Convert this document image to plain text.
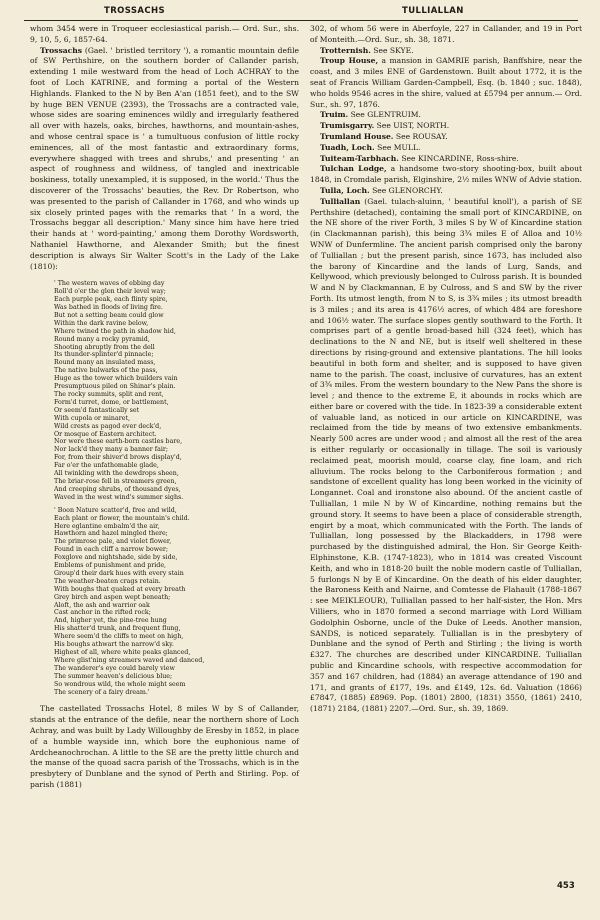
TROSSACHS	TULLIALLAN

whom 3454 were in Troqueer ecclesiastical parish.— Ord. Sur., shs. 9, 10, 5, 6, 1857-64.

Trossachs (Gael. ' bristled territory '), a romantic mountain defile of SW Perthshire, on the southern border of Callander parish, extending 1 mile westward from the head of Loch ACHRAY to the foot of Loch KATRINE, and forming a portal of the Western Highlands. Flanked to the N by Ben A'an (1851 feet), and to the SW by huge BEN VENUE (2393), the Trossachs are a contracted vale, whose sides are soaring eminences wildly and irregularly feathered all over with hazels, oaks, birches, hawthorns, and mountain-ashes, and whose central space is ' a tumultuous confusion of little rocky eminences, all of the most fantastic and extraordinary forms, everywhere shagged with trees and shrubs,' and presenting ' an aspect of roughness and wildness, of tangled and inextricable boskiness, totally unexampled, it is supposed, in the world.' Thus the discoverer of the Trossachs' beauties, the Rev. Dr Robertson, who was presented to the parish of Callander in 1768, and who winds up six closely printed pages with the remarks that ' In a word, the Trossachs beggar all description.' Many since him have here tried their hands at ' word-painting,' among them Dorothy Wordsworth, Nathaniel Hawthorne, and Alexander Smith; but the finest description is always Sir Walter Scott's in the Lady of the Lake (1810):

' The western waves of ebbing day
Roll'd o'er the glen their level way;
Each purple peak, each flinty spire,
Was bathed in floods of living fire.
But not a setting beam could glow
Within the dark ravine below,
Where twined the path in shadow hid,
Round many a rocky pyramid,
Shooting abruptly from the dell
Its thunder-splinter'd pinnacle;
Round many an insulated mass,
The native bulwarks of the pass,
Huge as the tower which builders vain
Presumptuous piled on Shinar's plain.
The rocky summits, split and rent,
Form'd turret, dome, or battlement,
Or seem'd fantastically set
With cupola or minaret,
Wild crests as pagod ever deck'd,
Or mosque of Eastern architect.
Nor were these earth-born castles bare,
Nor lack'd they many a banner fair;
For, from their shiver'd brows display'd,
Far o'er the unfathomable glade,
All twinkling with the dewdrops sheen,
The briar-rose fell in streamers green,
And creeping shrubs, of thousand dyes,
Waved in the west wind's summer sighs.
' Boon Nature scatter'd, free and wild,
Each plant or flower, the mountain's child.
Here eglantine embalm'd the air,
Hawthorn and hazel mingled there;
The primrose pale, and violet flower,
Found in each cliff a narrow bower;
Foxglove and nightshade, side by side,
Emblems of punishment and pride,
Group'd their dark hues with every stain
The weather-beaten crags retain.
With boughs that quaked at every breath
Grey birch and aspen wept beneath;
Aloft, the ash and warrior oak
Cast anchor in the rifted rock;
And, higher yet, the pine-tree hung
His shatter'd trunk, and frequent flung,
Where seem'd the cliffs to meet on high,
His boughs athwart the narrow'd sky.
Highest of all, where white peaks glanced,
Where glist'ning streamers waved and danced,
The wanderer's eye could barely view
The summer heaven's delicious blue;
So wondrous wild, the whole might seem
The scenery of a fairy dream.'

The castellated Trossachs Hotel, 8 miles W by S of Callander, stands at the entrance of the defile, near the northern shore of Loch Achray, and was built by Lady Willoughby de Eresby in 1852, in place of a humble wayside inn, which bore the euphonious name of Ardcheanochrochan. A little to the SE are the pretty little church and the manse of the quoad sacra parish of the Trossachs, which is in the presbytery of Dunblane and the synod of Perth and Stirling. Pop. of parish (1881)

302, of whom 56 were in Aberfoyle, 227 in Callander, and 19 in Port of Monteith.—Ord. Sur., sh. 38, 1871.

Trotternish. See SKYE.

Troup House, a mansion in GAMRIE parish, Banffshire, near the coast, and 3 miles ENE of Gardenstown. Built about 1772, it is the seat of Francis William Garden-Campbell, Esq. (b. 1840 ; suc. 1848), who holds 9546 acres in the shire, valued at £5794 per annum.— Ord. Sur., sh. 97, 1876.

Truim. See GLENTRUIM.

Trumisgarry. See UIST, NORTH.

Trumland House. See ROUSAY.

Tuadh, Loch. See MULL.

Tuiteam-Tarbhach. See KINCARDINE, Ross-shire.

Tulchan Lodge, a handsome two-story shooting-box, built about 1848, in Cromdale parish, Elginshire, 2½ miles WNW of Advie station.

Tulla, Loch. See GLENORCHY.

Tulliallan (Gael. tulach-aluinn, ' beautiful knoll'), a parish of SE Perthshire (detached), containing the small port of KINCARDINE, on the NE shore of the river Forth, 3 miles S by W of Kincardine station (in Clackmannan parish), this being 3¾ miles E of Alloa and 10½ WNW of Dunfermline. The ancient parish comprised only the barony of Tulliallan ; but the present parish, since 1673, has included also the barony of Kincardine and the lands of Lurg, Sands, and Kellywood, which previously belonged to Culross parish. It is bounded W and N by Clackmannan, E by Culross, and S and SW by the river Forth. Its utmost length, from N to S, is 3¾ miles ; its utmost breadth is 3 miles ; and its area is 4176½ acres, of which 484 are foreshore and 106½ water. The surface slopes gently southward to the Forth. It comprises part of a gentle broad-based hill (324 feet), which has declinations to the N and NE, but is itself well sheltered in these directions by rising-ground and extensive plantations. The hill looks beautiful in both form and shelter, and is supposed to have given name to the parish. The coast, inclusive of curvatures, has an extent of 3¾ miles. From the western boundary to the New Pans the shore is level ; and thence to the extreme E, it abounds in rocks which are either bare or covered with the tide. In 1823-39 a considerable extent of valuable land, as noticed in our article on KINCARDINE, was reclaimed from the tide by means of two extensive embankments. Nearly 500 acres are under wood ; and almost all the rest of the area is either regularly or occasionally in tillage. The soil is variously reclaimed peat, moorish mould, coarse clay, fine loam, and rich alluvium. The rocks belong to the Carboniferous formation ; and sandstone of excellent quality has long been worked in the vicinity of Longannet. Coal and ironstone also abound. Of the ancient castle of Tulliallan, 1 mile N by W of Kincardine, nothing remains but the ground story. It seems to have been a place of considerable strength, engirt by a moat, which communicated with the Forth. The lands of Tulliallan, long possessed by the Blackadders, in 1798 were purchased by the distinguished admiral, the Hon. Sir George Keith-Elphinstone, K.B. (1747-1823), who in 1814 was created Viscount Keith, and who in 1818-20 built the noble modern castle of Tulliallan, 5 furlongs N by E of Kincardine. On the death of his elder daughter, the Baroness Keith and Nairne, and Comtesse de Flahault (1788-1867 : see MEIKLEOUR), Tulliallan passed to her half-sister, the Hon. Mrs Villiers, who in 1870 formed a second marriage with Lord William Godolphin Osborne, uncle of the Duke of Leeds. Another mansion, SANDS, is noticed separately. Tulliallan is in the presbytery of Dunblane and the synod of Perth and Stirling ; the living is worth £327. The churches are described under KINCARDINE. Tulliallan public and Kincardine schools, with respective accommodation for 357 and 167 children, had (1884) an average attendance of 190 and 171, and grants of £177, 19s. and £149, 12s. 6d. Valuation (1866) £7847, (1885) £8969. Pop. (1801) 2800, (1831) 3550, (1861) 2410, (1871) 2184, (1881) 2207.—Ord. Sur., sh. 39, 1869.

453
